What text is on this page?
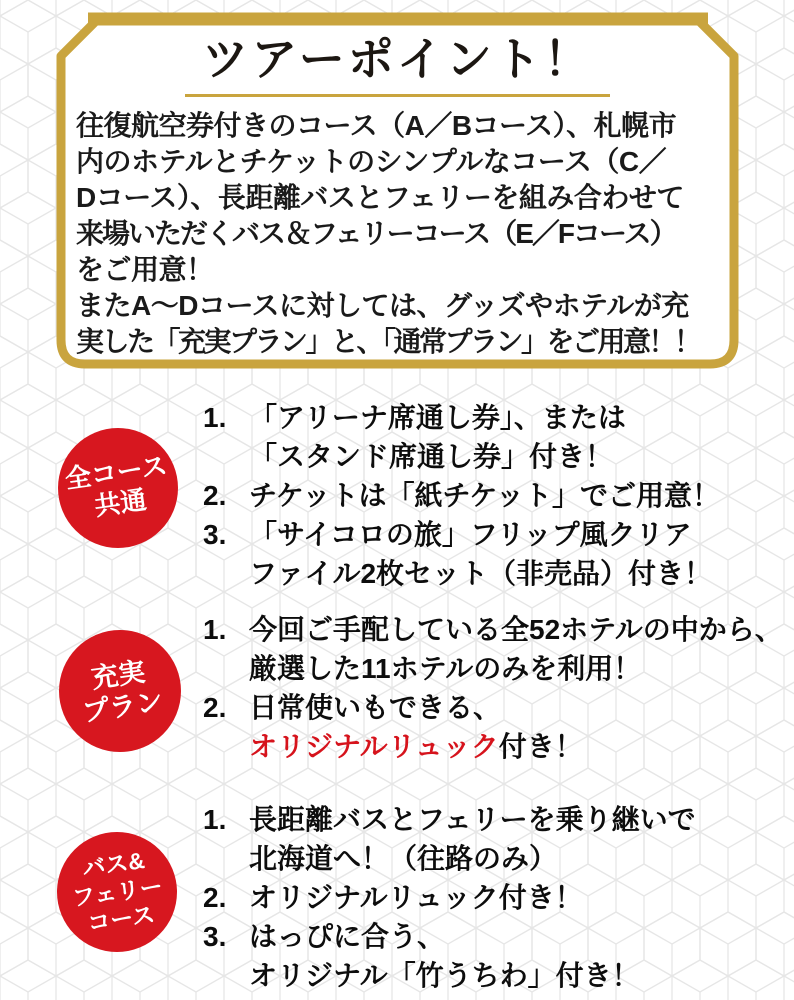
ツアーポイント！
往復航空券付きのコース（A／Bコース）、札幌市
内のホテルとチケットのシンプルなコース（C／
Dコース）、長距離バスとフェリーを組み合わせて
来場いただくバス＆フェリーコース（E／Fコース）
をご用意！
またA～Dコースに対しては、グッズやホテルが充
実した「充実プラン」と、「通常プラン」をご用意！！
全コース
共通
1. 「アリーナ席通し券」、または
「スタンド席通し券」付き！
2. チケットは「紙チケット」でご用意！
3. 「サイコロの旅」フリップ風クリア
ファイル2枚セット（非売品）付き！
充実
プラン
1. 今回ご手配している全52ホテルの中から、
厳選した11ホテルのみを利用！
2. 日常使いもできる、
オリジナルリュック付き！
バス&
フェリー
コース
1. 長距離バスとフェリーを乗り継いで
北海道へ！（往路のみ）
2. オリジナルリュック付き！
3. はっぴに合う、
オリジナル「竹うちわ」付き！
